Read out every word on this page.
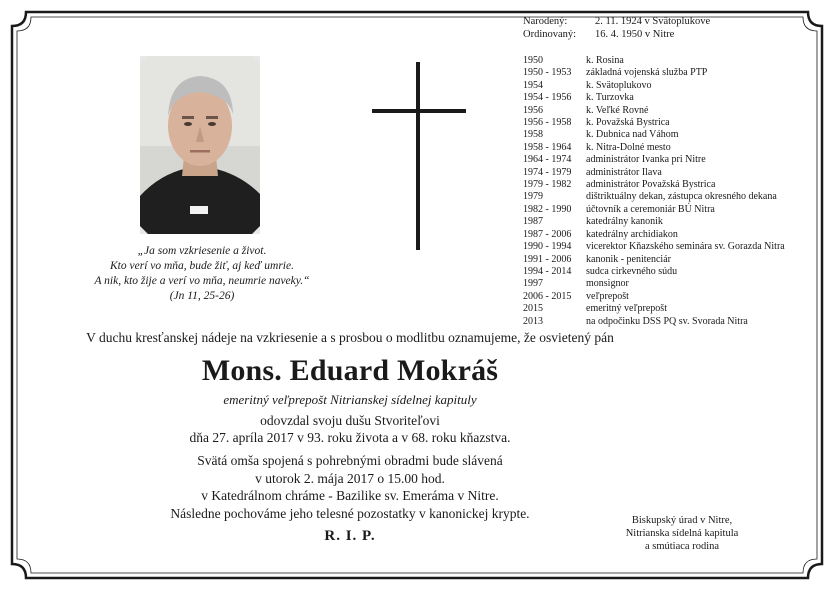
„Ja som vzkriesenie a život.
Kto verí vo mňa, bude žiť, aj keď umrie.
A nik, kto žije a verí vo mňa, neumrie naveky.“
(Jn 11, 25-26)
Narodený:	2. 11. 1924 v Svätoplukove
Ordinovaný:	16. 4. 1950 v Nitre
1950	k. Rosina
1950 - 1953	základná vojenská služba PTP
1954	k. Svätoplukovo
1954 - 1956	k. Turzovka
1956	k. Veľké Rovné
1956 - 1958	k. Považská Bystrica
1958	k. Dubnica nad Váhom
1958 - 1964	k. Nitra-Dolné mesto
1964 - 1974	administrátor Ivanka pri Nitre
1974 - 1979	administrátor Ilava
1979 - 1982	administrátor Považská Bystrica
1979	dištriktuálny dekan, zástupca okresného dekana
1982 - 1990	účtovník a ceremoniár BÚ Nitra
1987	katedrálny kanonik
1987 - 2006	katedrálny archidiakon
1990 - 1994	vicerektor Kňazského seminára sv. Gorazda Nitra
1991 - 2006	kanonik - penitenciár
1994 - 2014	sudca cirkevného súdu
1997	monsignor
2006 - 2015	veľprepošt
2015	emeritný veľprepošt
2013	na odpočinku DSS PQ sv. Svorada Nitra
V duchu kresťanskej nádeje na vzkriesenie a s prosbou o modlitbu oznamujeme, že osvietený pán
Mons. Eduard Mokráš
emeritný veľprepošt Nitrianskej sídelnej kapituly
odovzdal svoju dušu Stvoriteľovi
dňa 27. apríla 2017 v 93. roku života a v 68. roku kňazstva.
Svätá omša spojená s pohrebnými obradmi bude slávená
v utorok 2. mája 2017 o 15.00 hod.
v Katedrálnom chráme - Bazilike sv. Emeráma v Nitre.
Následne pochováme jeho telesné pozostatky v kanonickej krypte.
R. I. P.
Biskupský úrad v Nitre,
Nitrianska sídelná kapitula
a smútiaca rodina
